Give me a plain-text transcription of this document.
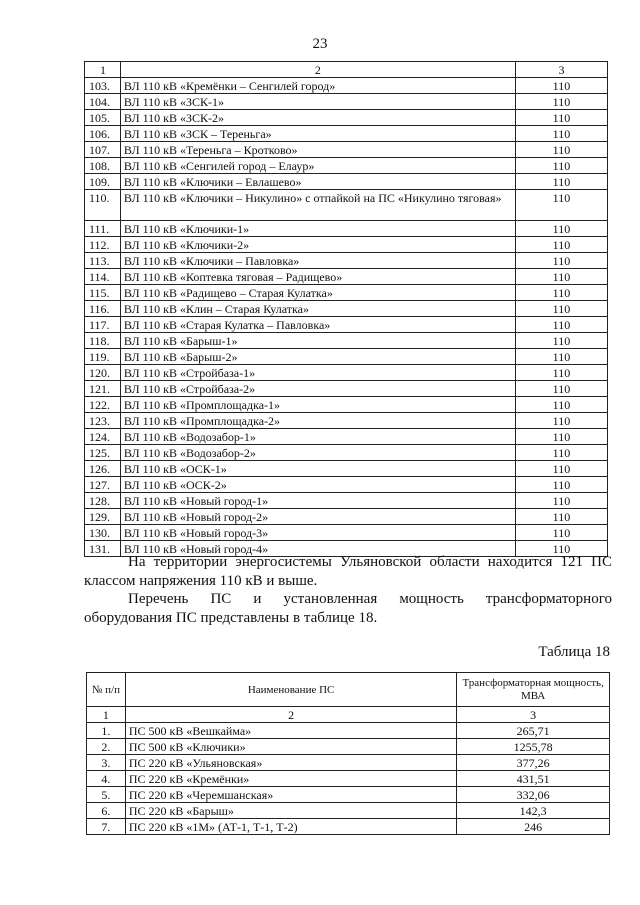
23
1	2	3
103.	ВЛ 110 кВ «Кремёнки – Сенгилей город»	110
104.	ВЛ 110 кВ «ЗСК-1»	110
105.	ВЛ 110 кВ «ЗСК-2»	110
106.	ВЛ 110 кВ «ЗСК – Тереньга»	110
107.	ВЛ 110 кВ «Тереньга – Кротково»	110
108.	ВЛ 110 кВ «Сенгилей город – Елаур»	110
109.	ВЛ 110 кВ «Ключики – Евлашево»	110
110.	ВЛ 110 кВ «Ключики – Никулино» с отпайкой на ПС «Никулино тяговая»	110
111.	ВЛ 110 кВ «Ключики-1»	110
112.	ВЛ 110 кВ «Ключики-2»	110
113.	ВЛ 110 кВ «Ключики – Павловка»	110
114.	ВЛ 110 кВ «Коптевка тяговая – Радищево»	110
115.	ВЛ 110 кВ «Радищево – Старая Кулатка»	110
116.	ВЛ 110 кВ «Клин – Старая Кулатка»	110
117.	ВЛ 110 кВ «Старая Кулатка – Павловка»	110
118.	ВЛ 110 кВ «Барыш-1»	110
119.	ВЛ 110 кВ «Барыш-2»	110
120.	ВЛ 110 кВ «Стройбаза-1»	110
121.	ВЛ 110 кВ «Стройбаза-2»	110
122.	ВЛ 110 кВ «Промплощадка-1»	110
123.	ВЛ 110 кВ «Промплощадка-2»	110
124.	ВЛ 110 кВ «Водозабор-1»	110
125.	ВЛ 110 кВ «Водозабор-2»	110
126.	ВЛ 110 кВ «ОСК-1»	110
127.	ВЛ 110 кВ «ОСК-2»	110
128.	ВЛ 110 кВ «Новый город-1»	110
129.	ВЛ 110 кВ «Новый город-2»	110
130.	ВЛ 110 кВ «Новый город-3»	110
131.	ВЛ 110 кВ «Новый город-4»	110
На территории энергосистемы Ульяновской области находится 121 ПС классом напряжения 110 кВ и выше.
Перечень ПС и установленная мощность трансформаторного оборудования ПС представлены в таблице 18.
Таблица 18
№ п/п	Наименование ПС	Трансформаторная мощность, МВА
1	2	3
1.	ПС 500 кВ «Вешкайма»	265,71
2.	ПС 500 кВ «Ключики»	1255,78
3.	ПС 220 кВ «Ульяновская»	377,26
4.	ПС 220 кВ «Кремёнки»	431,51
5.	ПС 220 кВ «Черемшанская»	332,06
6.	ПС 220 кВ «Барыш»	142,3
7.	ПС 220 кВ «1М» (АТ-1, Т-1, Т-2)	246
